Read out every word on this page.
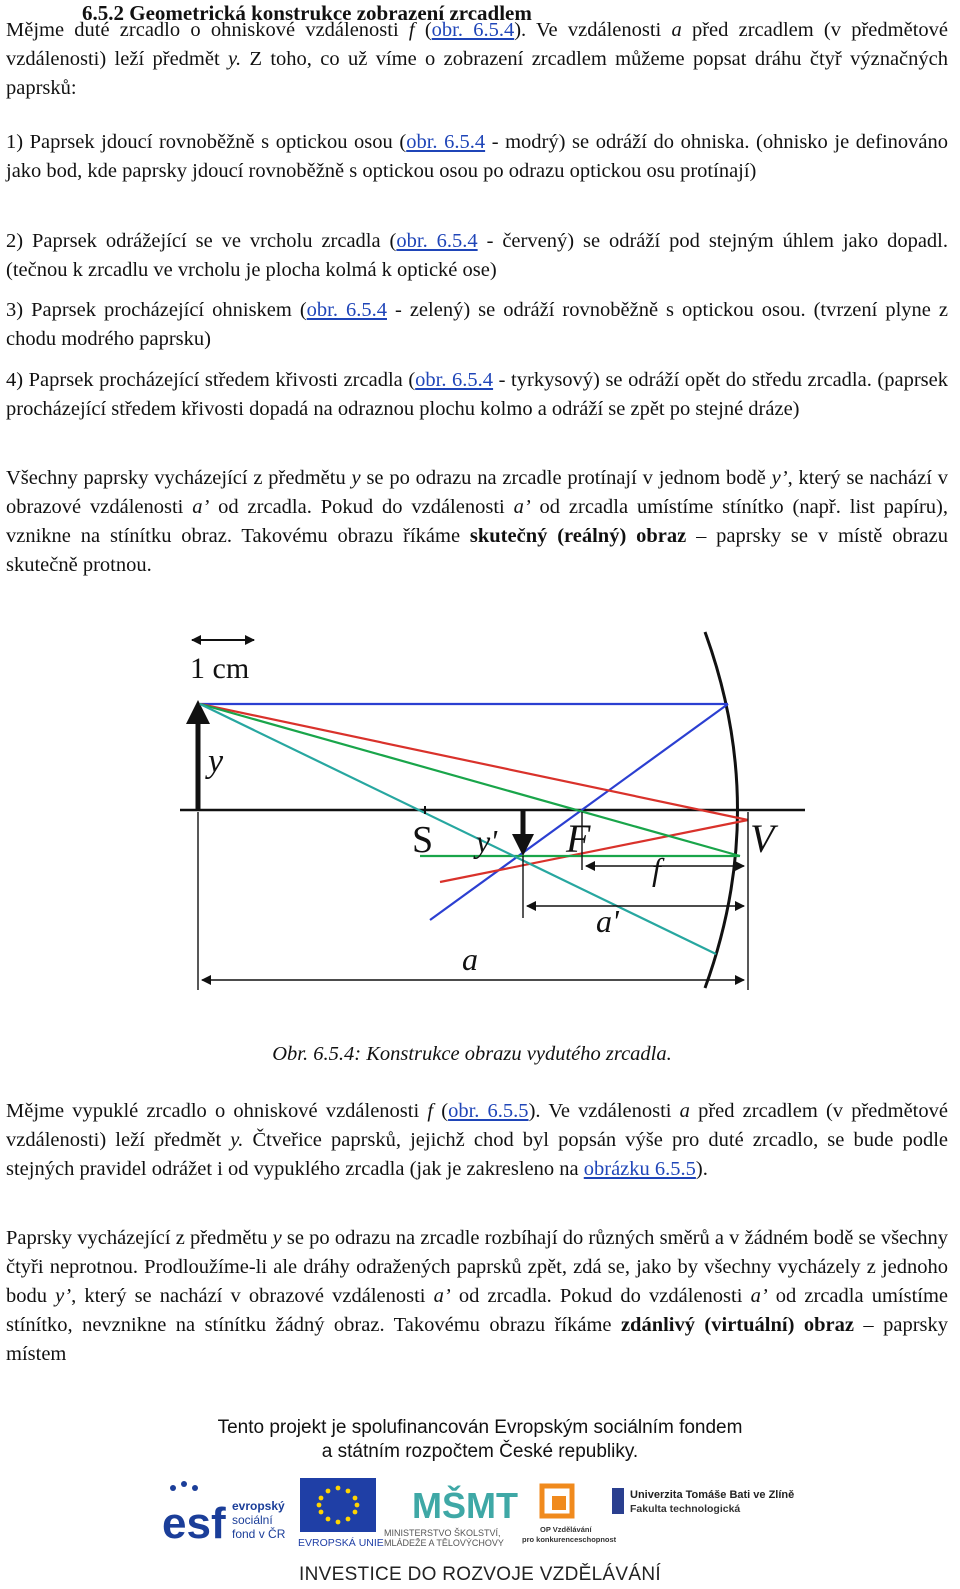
6.5.2 Geometrická konstrukce zobrazení zrcadlem

Mějme duté zrcadlo o ohniskové vzdálenosti f (obr. 6.5.4). Ve vzdálenosti a před zrcadlem (v předmětové vzdálenosti) leží předmět y. Z toho, co už víme o zobrazení zrcadlem můžeme popsat dráhu čtyř význačných paprsků:

1) Paprsek jdoucí rovnoběžně s optickou osou (obr. 6.5.4 - modrý) se odráží do ohniska. (ohnisko je definováno jako bod, kde paprsky jdoucí rovnoběžně s optickou osou po odrazu optickou osu protínají)

2) Paprsek odrážející se ve vrcholu zrcadla (obr. 6.5.4 - červený) se odráží pod stejným úhlem jako dopadl. (tečnou k zrcadlu ve vrcholu je plocha kolmá k optické ose)

3) Paprsek procházející ohniskem (obr. 6.5.4 - zelený) se odráží rovnoběžně s optickou osou. (tvrzení plyne z chodu modrého paprsku)

4) Paprsek procházející středem křivosti zrcadla (obr. 6.5.4 - tyrkysový) se odráží opět do středu zrcadla. (paprsek procházející středem křivosti dopadá na odraznou plochu kolmo a odráží se zpět po stejné dráze)

Všechny paprsky vycházející z předmětu y se po odrazu na zrcadle protínají v jednom bodě y’, který se nachází v obrazové vzdálenosti a’ od zrcadla. Pokud do vzdálenosti a’ od zrcadla umístíme stínítko (např. list papíru), vznikne na stínítku obraz. Takovému obrazu říkáme skutečný (reálný) obraz – paprsky se v místě obrazu skutečně protnou.

1 cm
y
S y' F	V
f
a'
a
Obr. 6.5.4: Konstrukce obrazu vydutého zrcadla.

Mějme vypuklé zrcadlo o ohniskové vzdálenosti f (obr. 6.5.5). Ve vzdálenosti a před zrcadlem (v předmětové vzdálenosti) leží předmět y. Čtveřice paprsků, jejichž chod byl popsán výše pro duté zrcadlo, se bude podle stejných pravidel odrážet i od vypuklého zrcadla (jak je zakresleno na obrázku 6.5.5).

Paprsky vycházející z předmětu y se po odrazu na zrcadle rozbíhají do různých směrů a v žádném bodě se všechny čtyři neprotnou. Prodloužíme-li ale dráhy odražených paprsků zpět, zdá se, jako by všechny vycházely z jednoho bodu y’, který se nachází v obrazové vzdálenosti a’ od zrcadla. Pokud do vzdálenosti a’ od zrcadla umístíme stínítko, nevznikne na stínítku žádný obraz. Takovému obrazu říkáme zdánlivý (virtuální) obraz – paprsky místem

Tento projekt je spolufinancován Evropským sociálním fondem
a státním rozpočtem České republiky.
esf evropský
sociální
fond v ČR
EVROPSKÁ UNIE
MŠMT
MINISTERSTVO ŠKOLSTVÍ,
MLÁDEŽE A TĚLOVÝCHOVY
OP Vzdělávání
pro konkurenceschopnost
Univerzita Tomáše Bati ve Zlíně
Fakulta technologická
INVESTICE DO ROZVOJE VZDĚLÁVÁNÍ
